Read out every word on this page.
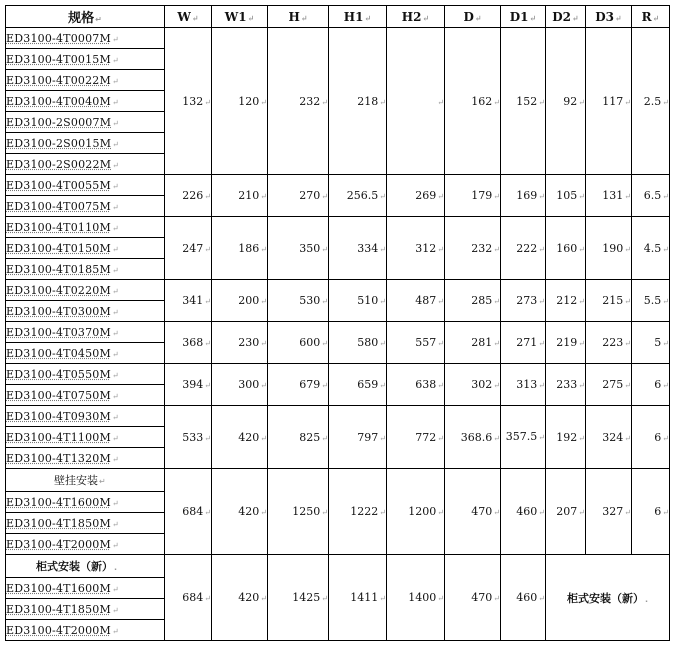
规格↵	W↵	W1↵	H↵	H1↵	H2↵	D↵	D1↵	D2↵	D3↵	R↵
ED3100-4T0007M↵	132↵	120↵	232↵	218↵	↵	162↵	152↵	92↵	117↵	2.5↵
ED3100-4T0015M↵										
ED3100-4T0022M↵										
ED3100-4T0040M↵										
ED3100-2S0007M↵										
ED3100-2S0015M↵										
ED3100-2S0022M↵										
ED3100-4T0055M↵	226↵	210↵	270↵	256.5↵	269↵	179↵	169↵	105↵	131↵	6.5↵
ED3100-4T0075M↵										
ED3100-4T0110M↵	247↵	186↵	350↵	334↵	312↵	232↵	222↵	160↵	190↵	4.5↵
ED3100-4T0150M↵										
ED3100-4T0185M↵										
ED3100-4T0220M↵	341↵	200↵	530↵	510↵	487↵	285↵	273↵	212↵	215↵	5.5↵
ED3100-4T0300M↵										
ED3100-4T0370M↵	368↵	230↵	600↵	580↵	557↵	281↵	271↵	219↵	223↵	5↵
ED3100-4T0450M↵										
ED3100-4T0550M↵	394↵	300↵	679↵	659↵	638↵	302↵	313↵	233↵	275↵	6↵
ED3100-4T0750M↵										
ED3100-4T0930M↵	533↵	420↵	825↵	797↵	772↵	368.6↵	357.5↵	192↵	324↵	6↵
ED3100-4T1100M↵										
ED3100-4T1320M↵										
壁挂安装↵	684↵	420↵	1250↵	1222↵	1200↵	470↵	460↵	207↵	327↵	6↵
ED3100-4T1600M↵										
ED3100-4T1850M↵										
ED3100-4T2000M↵										
柜式安装（新）.	684↵	420↵	1425↵	1411↵	1400↵	470↵	460↵	柜式安装（新）.		
ED3100-4T1600M↵										
ED3100-4T1850M↵										
ED3100-4T2000M↵										
